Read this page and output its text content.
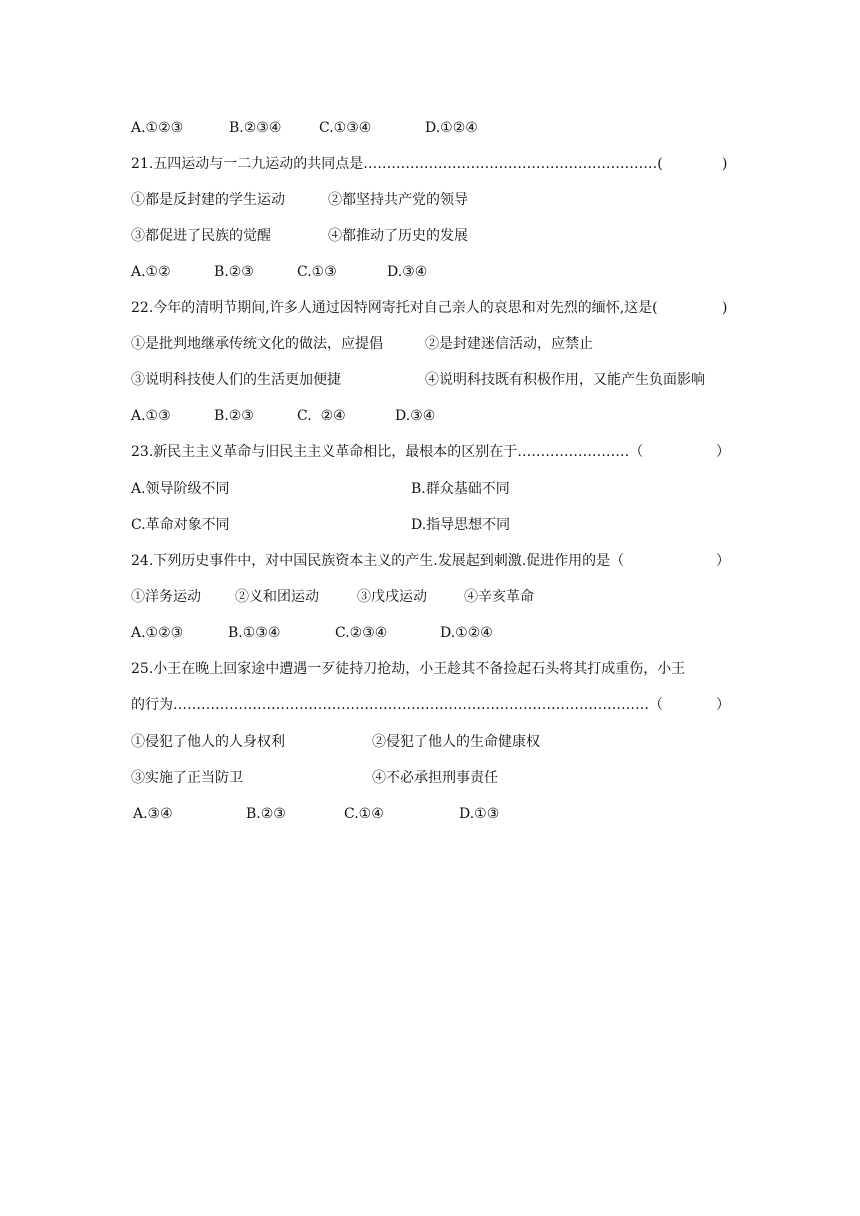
A.①②③

	B.②③④

	C.①③④

	D.①②④

21.五四运动与一二九运动的共同点是………………………………………………………(	)

①都是反封建的学生运动

	②都坚持共产党的领导

③都促进了民族的觉醒

	④都推动了历史的发展

A.①②

	B.②③

	C.①③

	D.③④

22.今年的清明节期间,许多人通过因特网寄托对自己亲人的哀思和对先烈的缅怀,这是(	)

①是批判地继承传统文化的做法，应提倡

	②是封建迷信活动，应禁止

③说明科技使人们的生活更加便捷

	④说明科技既有积极作用，又能产生负面影响

A.①③

	B.②③

	C.  ②④

	D.③④

23.新民主主义革命与旧民主主义革命相比，最根本的区别在于……………………（	）

A.领导阶级不同

	B.群众基础不同

C.革命对象不同

	D.指导思想不同

24.下列历史事件中，对中国民族资本主义的产生.发展起到刺激.促进作用的是（	）

①洋务运动

②义和团运动

	③戊戌运动

	④辛亥革命

A.①②③

	B.①③④

	C.②③④

	D.①②④

25.小王在晚上回家途中遭遇一歹徒持刀抢劫，小王趁其不备捡起石头将其打成重伤，小王
的行为…………………………………………………………………………………………（	）

①侵犯了他人的人身权利

	②侵犯了他人的生命健康权

③实施了正当防卫

	④不必承担刑事责任

A.③④

	B.②③

	C.①④

	D.①③
